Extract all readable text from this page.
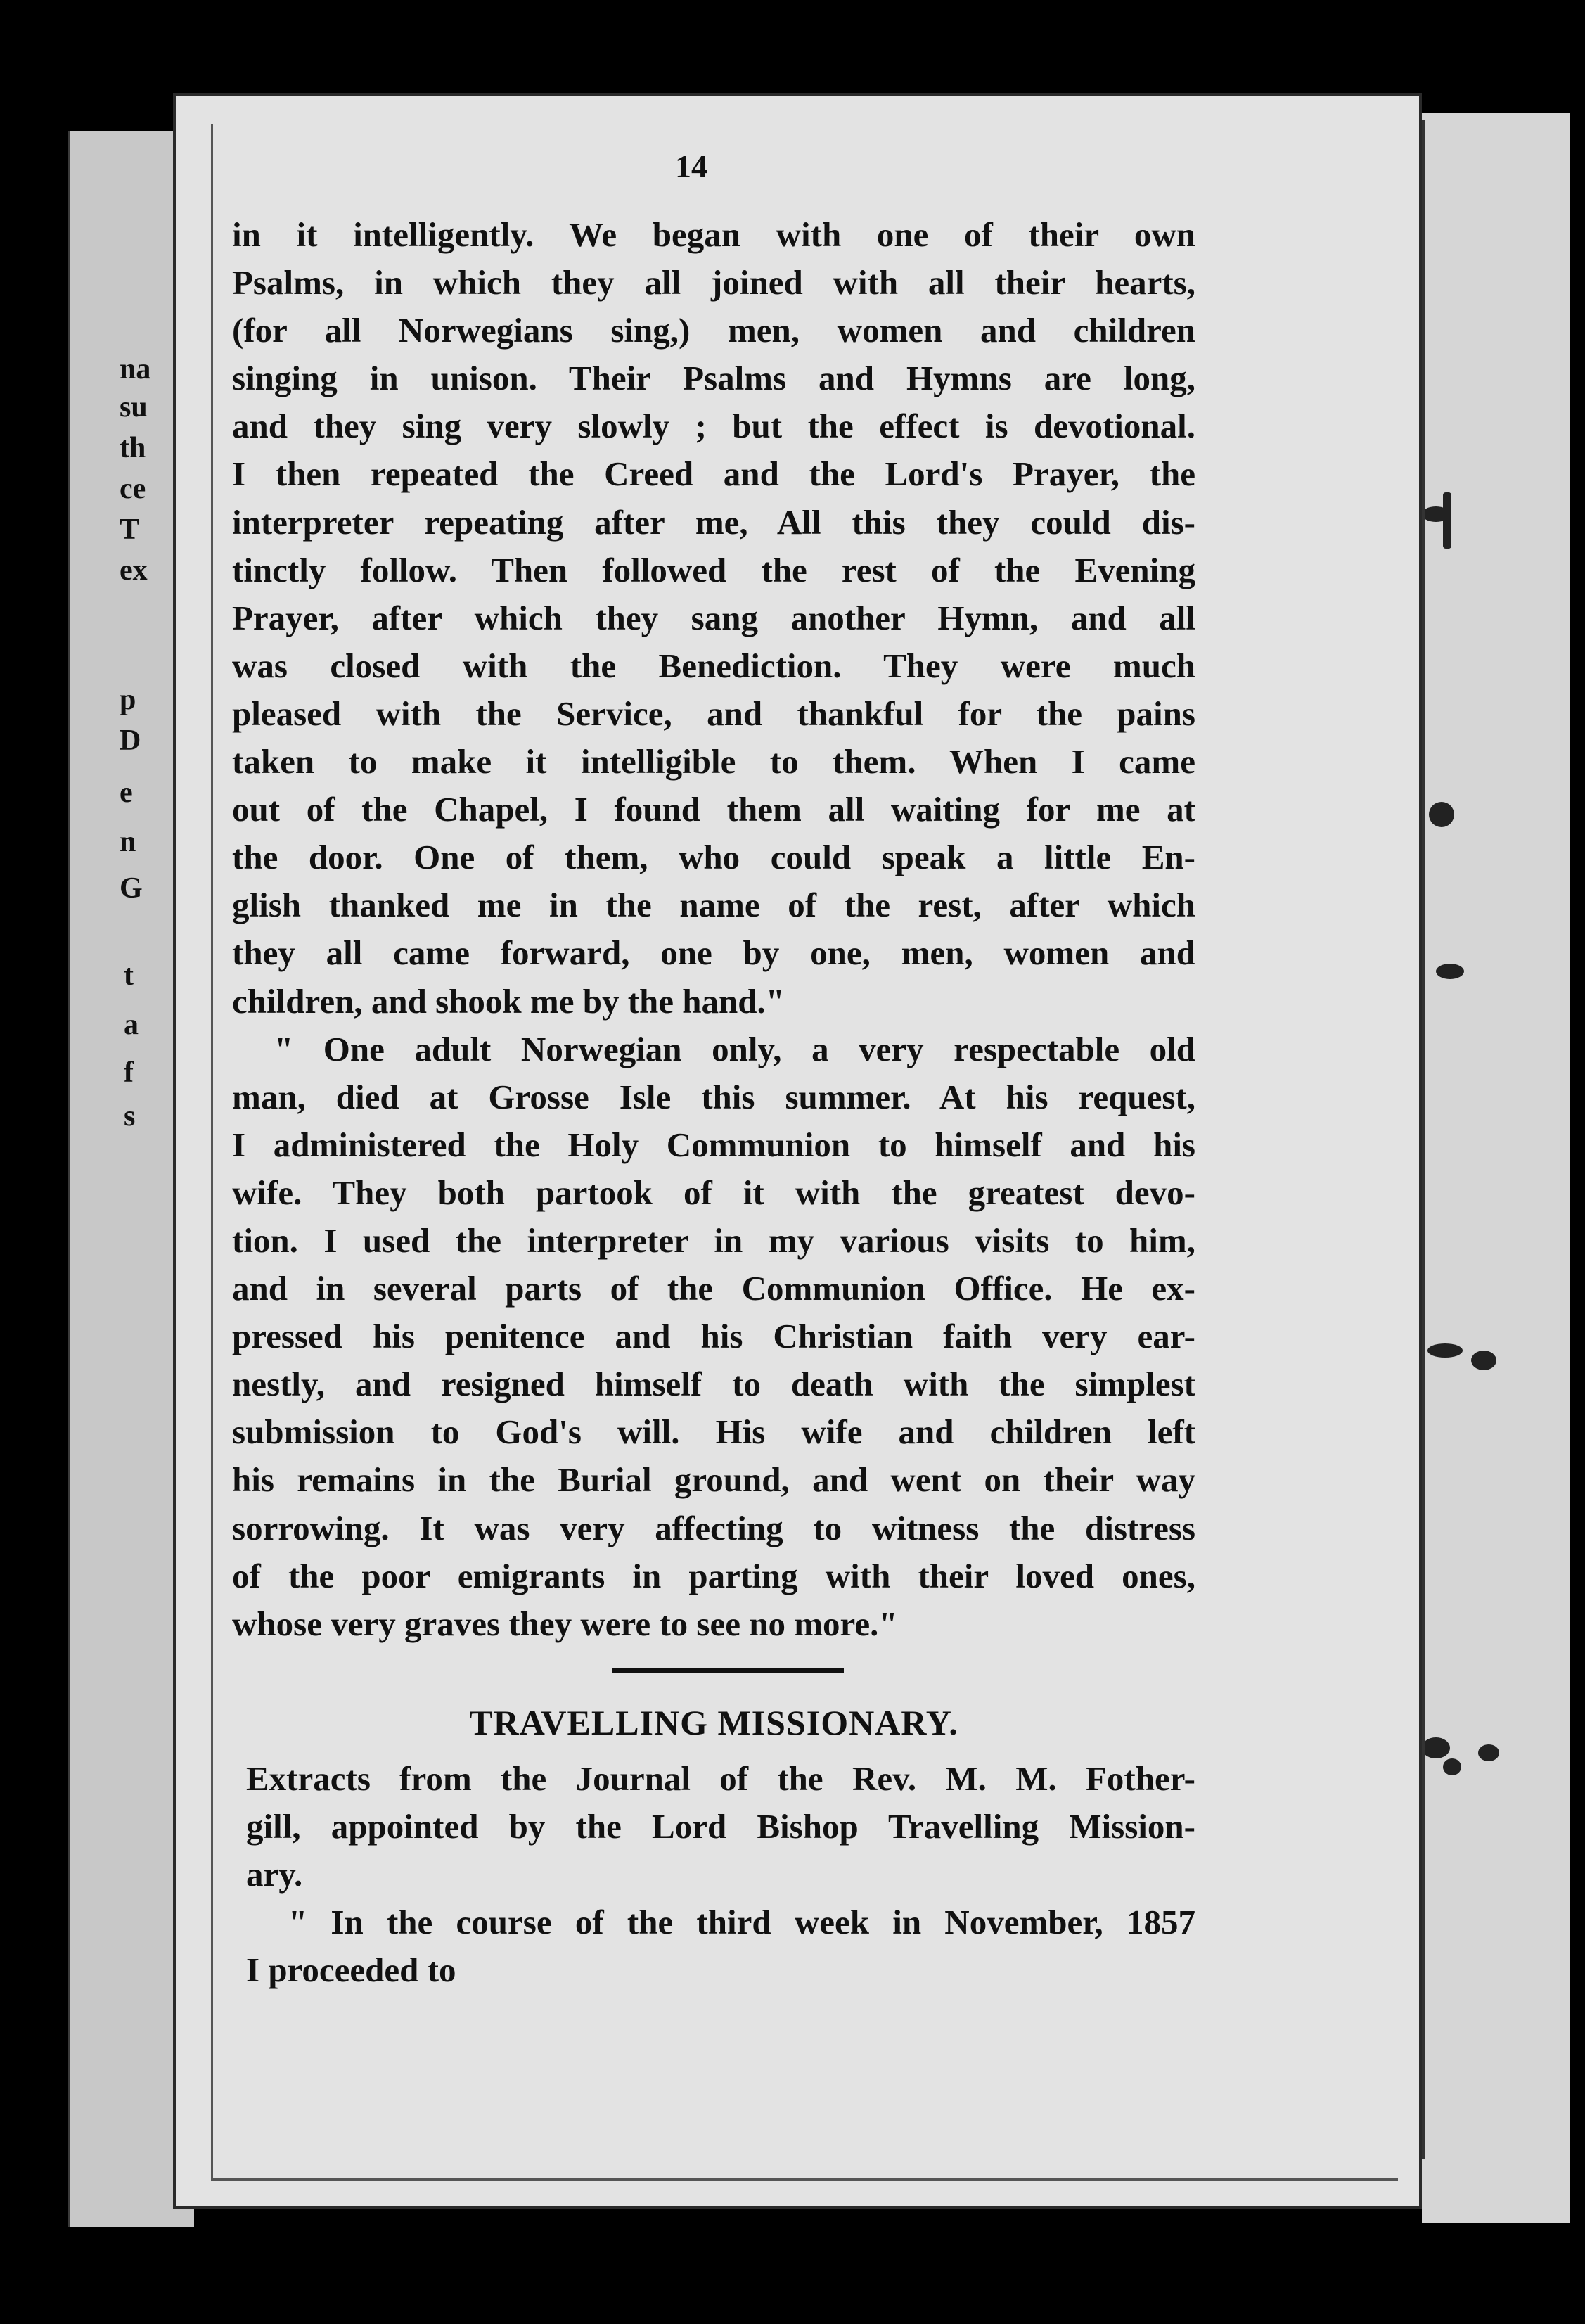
na
su
th
ce
T
ex
p
D
e
n
G
t
a
f
s
14
in it intelligently. We began with one of their own
Psalms, in which they all joined with all their hearts,
(for all Norwegians sing,) men, women and children
singing in unison. Their Psalms and Hymns are long,
and they sing very slowly ; but the effect is devotional.
I then repeated the Creed and the Lord's Prayer, the
interpreter repeating after me, All this they could dis-
tinctly follow. Then followed the rest of the Evening
Prayer, after which they sang another Hymn, and all
was closed with the Benediction. They were much
pleased with the Service, and thankful for the pains
taken to make it intelligible to them. When I came
out of the Chapel, I found them all waiting for me at
the door. One of them, who could speak a little En-
glish thanked me in the name of the rest, after which
they all came forward, one by one, men, women and
children, and shook me by the hand."
" One adult Norwegian only, a very respectable old
man, died at Grosse Isle this summer. At his request,
I administered the Holy Communion to himself and his
wife. They both partook of it with the greatest devo-
tion. I used the interpreter in my various visits to him,
and in several parts of the Communion Office. He ex-
pressed his penitence and his Christian faith very ear-
nestly, and resigned himself to death with the simplest
submission to God's will. His wife and children left
his remains in the Burial ground, and went on their way
sorrowing. It was very affecting to witness the distress
of the poor emigrants in parting with their loved ones,
whose very graves they were to see no more."
TRAVELLING MISSIONARY.
Extracts from the Journal of the Rev. M. M. Fother-
gill, appointed by the Lord Bishop Travelling Mission-
ary.
" In the course of the third week in November, 1857
I proceeded to
